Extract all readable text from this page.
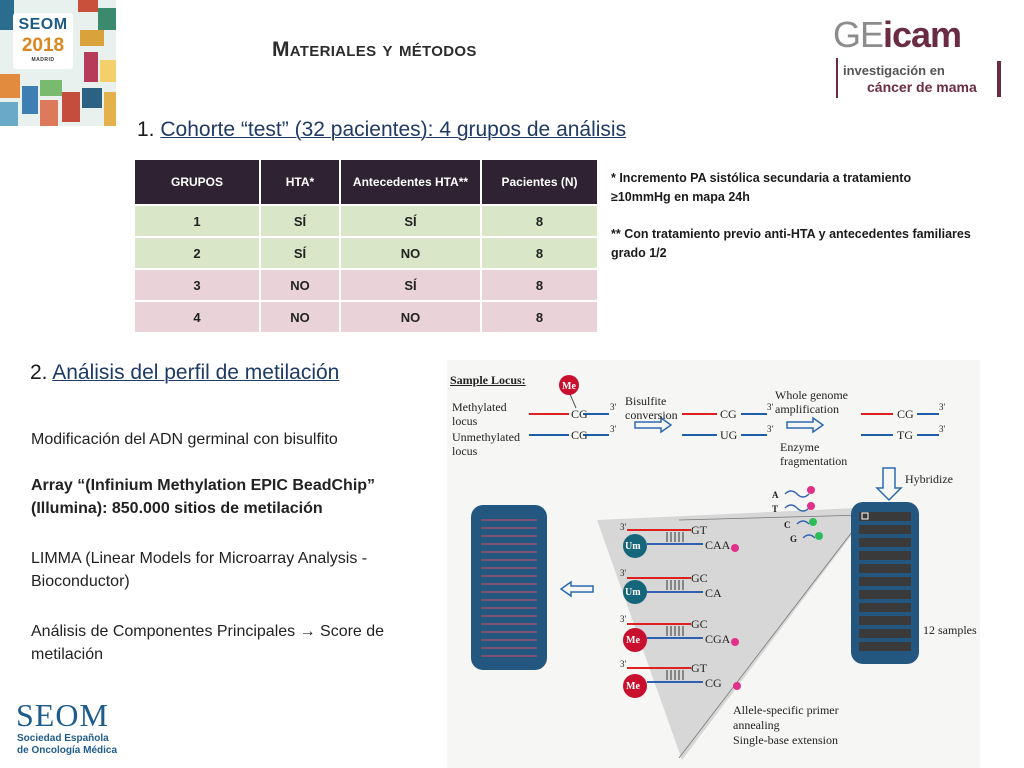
SEOM
2018
MADRID	Materiales y métodos	GEicam
investigación en
cáncer de mama
1. Cohorte “test” (32 pacientes): 4 grupos de análisis
GRUPOS	HTA*	Antecedentes HTA**	Pacientes (N)
1	SÍ	SÍ	8
2	SÍ	NO	8
3	NO	SÍ	8
4	NO	NO	8
* Incremento PA sistólica secundaria a tratamiento ≥10mmHg en mapa 24h
** Con tratamiento previo anti-HTA y antecedentes familiares grado 1/2
2. Análisis del perfil de metilación
Modificación del ADN germinal con bisulfito
Array “(Infinium Methylation EPIC BeadChip” (Illumina): 850.000 sitios de metilación
LIMMA (Linear Models for Microarray Analysis - Bioconductor)
Análisis de Componentes Principales → Score de metilación
SEOM
Sociedad Española
de Oncología Médica
Sample Locus:	Me
Methylated locus
Unmethylated locus
CG
CG
3'
3'
Bisulfite conversion	CG
UG
3'
3'
Whole genome amplification	CG
TG
3'
3'
Enzyme fragmentation
Hybridize
A
T
C
G
3'
3'
3'
3'
Um
Um
Me
Me
GT
CAA
GC
CA
GC
CGA
GT
CG
12 samples
Allele-specific primer
annealing
Single-base extension
